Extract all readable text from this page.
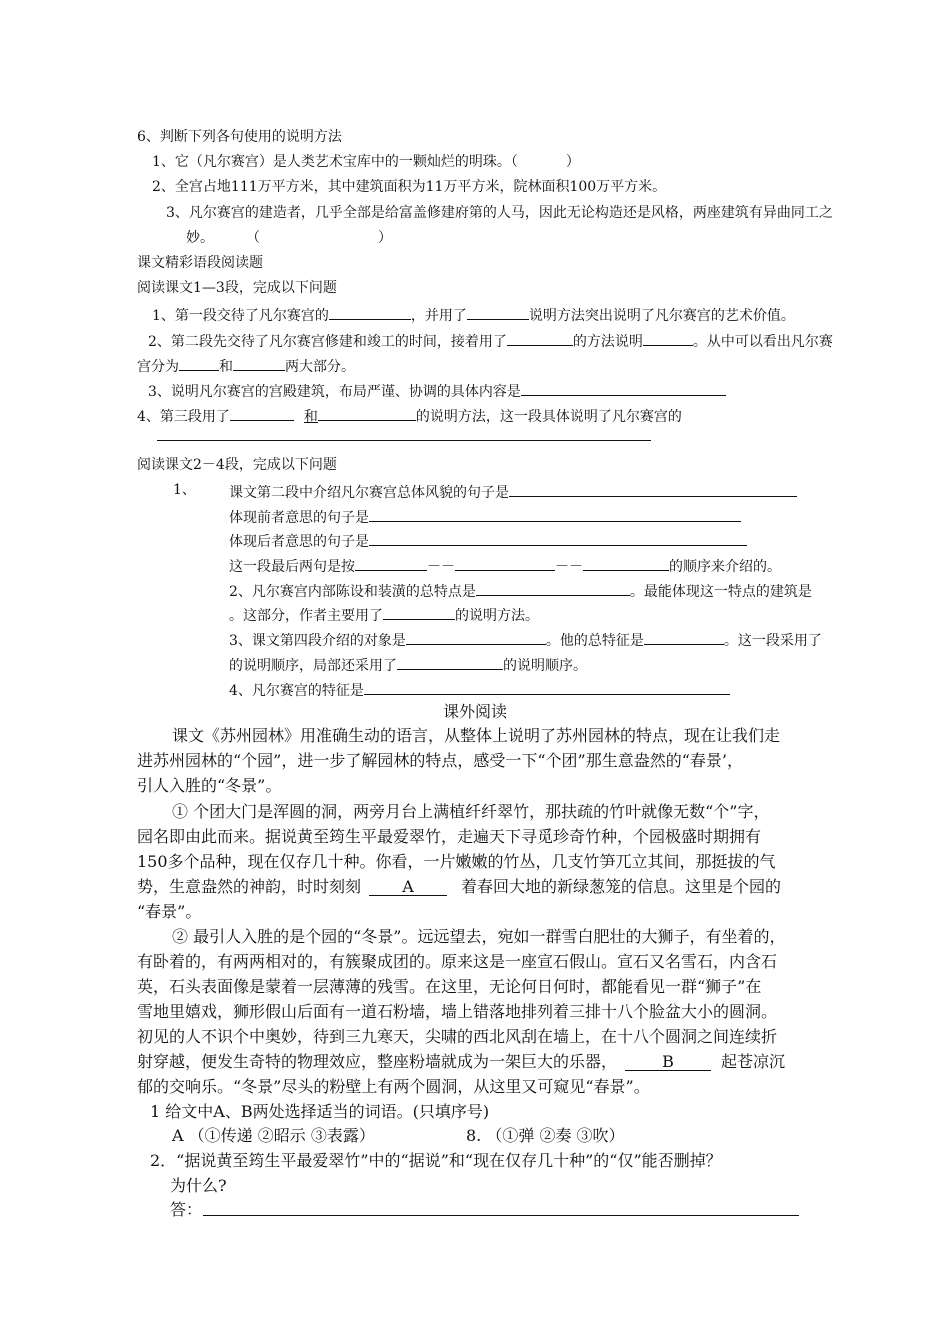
6、判断下列各句使用的说明方法
1、它（凡尔赛宫）是人类艺术宝库中的一颗灿烂的明珠。（	）
2、全宫占地111万平方米，其中建筑面积为11万平方米，院林面积100万平方米。
3、凡尔赛宫的建造者，几乎全部是给富盖修建府第的人马，因此无论构造还是风格，两座建筑有异曲同工之
妙。 （	）
课文精彩语段阅读题
阅读课文1—3段，完成以下问题
1、第一段交待了凡尔赛宫的	，并用了	说明方法突出说明了凡尔赛宫的艺术价值。
2、第二段先交待了凡尔赛宫修建和竣工的时间，接着用了	的方法说明	。从中可以看出凡尔赛
宫分为	和	两大部分。
3、说明凡尔赛宫的宫殿建筑，布局严谨、协调的具体内容是
4、第三段用了	和	的说明方法，这一段具体说明了凡尔赛宫的
阅读课文2－4段，完成以下问题
1、 课文第二段中介绍凡尔赛宫总体风貌的句子是
体现前者意思的句子是
体现后者意思的句子是
这一段最后两句是按	－－	－－	的顺序来介绍的。
2、凡尔赛宫内部陈设和装潢的总特点是	。最能体现这一特点的建筑是
。这部分，作者主要用了	的说明方法。
3、课文第四段介绍的对象是	。他的总特征是	。这一段采用了
的说明顺序，局部还采用了	的说明顺序。
4、凡尔赛宫的特征是
课外阅读
课文《苏州园林》用准确生动的语言，从整体上说明了苏州园林的特点，现在让我们走
进苏州园林的“个园”，进一步了解园林的特点，感受一下“个团”那生意盎然的“春景’，
引人入胜的“冬景”。
① 个团大门是浑圆的洞，两旁月台上满植纤纤翠竹，那扶疏的竹叶就像无数“个”字，
园名即由此而来。据说黄至筠生平最爱翠竹，走遍天下寻觅珍奇竹种，个园极盛时期拥有
150多个品种，现在仅存几十种。你看，一片嫩嫩的竹丛，几支竹笋兀立其间，那挺拔的气
势，生意盎然的神韵，时时刻刻	A	着春回大地的新绿葱笼的信息。这里是个园的
“春景”。
② 最引人入胜的是个园的“冬景”。远远望去，宛如一群雪白肥壮的大狮子，有坐着的，
有卧着的，有两两相对的，有簇聚成团的。原来这是一座宣石假山。宣石又名雪石，内含石
英，石头表面像是蒙着一层薄薄的残雪。在这里，无论何日何时，都能看见一群“狮子”在
雪地里嬉戏，狮形假山后面有一道石粉墙，墙上错落地排列着三排十八个脸盆大小的圆洞。
初见的人不识个中奥妙，待到三九寒天，尖啸的西北风刮在墙上，在十八个圆洞之间连续折
射穿越，便发生奇特的物理效应，整座粉墙就成为一架巨大的乐器，	B	起苍凉沉
郁的交响乐。“冬景”尽头的粉壁上有两个圆洞，从这里又可窥见“春景”。
1 给文中A、B两处选择适当的词语。(只填序号)
A （①传递 ②昭示 ③表露）	8. （①弹 ②奏 ③吹）
2．“据说黄至筠生平最爱翠竹”中的“据说”和“现在仅存几十种”的“仅”能否删掉？
为什么?
答：
